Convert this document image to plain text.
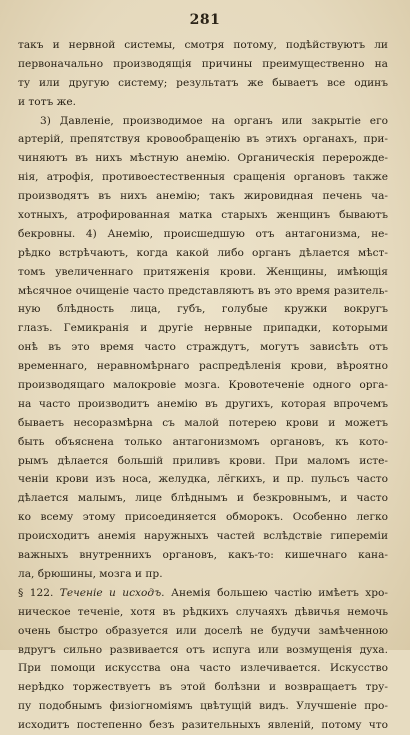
281
такъ и нервной системы, смотря потому, подѣйствуютъ ли
первоначально производящія причины преимущественно на
ту или другую систему; результатъ же бываетъ все одинъ
и тотъ же.
3) Давленіе, производимое на органъ или закрытіе его
артерій, препятствуя кровообращенію въ этихъ органахъ, при-
чиняютъ въ нихъ мѣстную анемію. Органическія перерожде-
нія, атрофія, противоестественныя сращенія органовъ также
производятъ въ нихъ анемію; такъ жировидная печень ча-
хотныхъ, атрофированная матка старыхъ женщинъ бываютъ
бекровны. 4) Анемію, происшедшую отъ антагонизма, не-
рѣдко встрѣчаютъ, когда какой либо органъ дѣлается мѣст-
томъ увеличеннаго притяженія крови. Женщины, имѣющія
мѣсячное очищеніе часто представляютъ въ это время разитель-
ную блѣдность лица, губъ, голубые кружки вокругъ
глазъ. Гемикранія и другіе нервные припадки, которыми
онѣ въ это время часто страждутъ, могутъ зависѣть отъ
временнаго, неравномѣрнаго распредѣленія крови, вѣроятно
производящаго малокровіе мозга. Кровотеченіе одного орга-
на часто производитъ анемію въ другихъ, которая впрочемъ
бываетъ несоразмѣрна съ малой потерею крови и можетъ
быть объяснена только антагонизмомъ органовъ, къ кото-
рымъ дѣлается большій приливъ крови. При маломъ исте-
ченіи крови изъ носа, желудка, лёгкихъ, и пр. пульсъ часто
дѣлается малымъ, лице блѣднымъ и безкровнымъ, и часто
ко всему этому присоединяется обморокъ. Особенно легко
происходитъ анемія наружныхъ частей вслѣдствіе гипереміи
важныхъ внутреннихъ органовъ, какъ-то: кишечнаго кана-
ла, брюшины, мозга и пр.
§ 122. Теченіе и исходъ. Анемія большею частію имѣетъ хро-
ническое теченіе, хотя въ рѣдкихъ случаяхъ дѣвичья немочь
очень быстро образуется или доселѣ не будучи замѣченною
вдругъ сильно развивается отъ испуга или возмущенія духа.
При помощи искусства она часто излечивается. Искусство
нерѣдко торжествуетъ въ этой болѣзни и возвращаетъ тру-
пу подобнымъ физіогноміямъ цвѣтущій видъ. Улучшеніе про-
исходитъ постепенно безъ разительныхъ явленій, потому что
